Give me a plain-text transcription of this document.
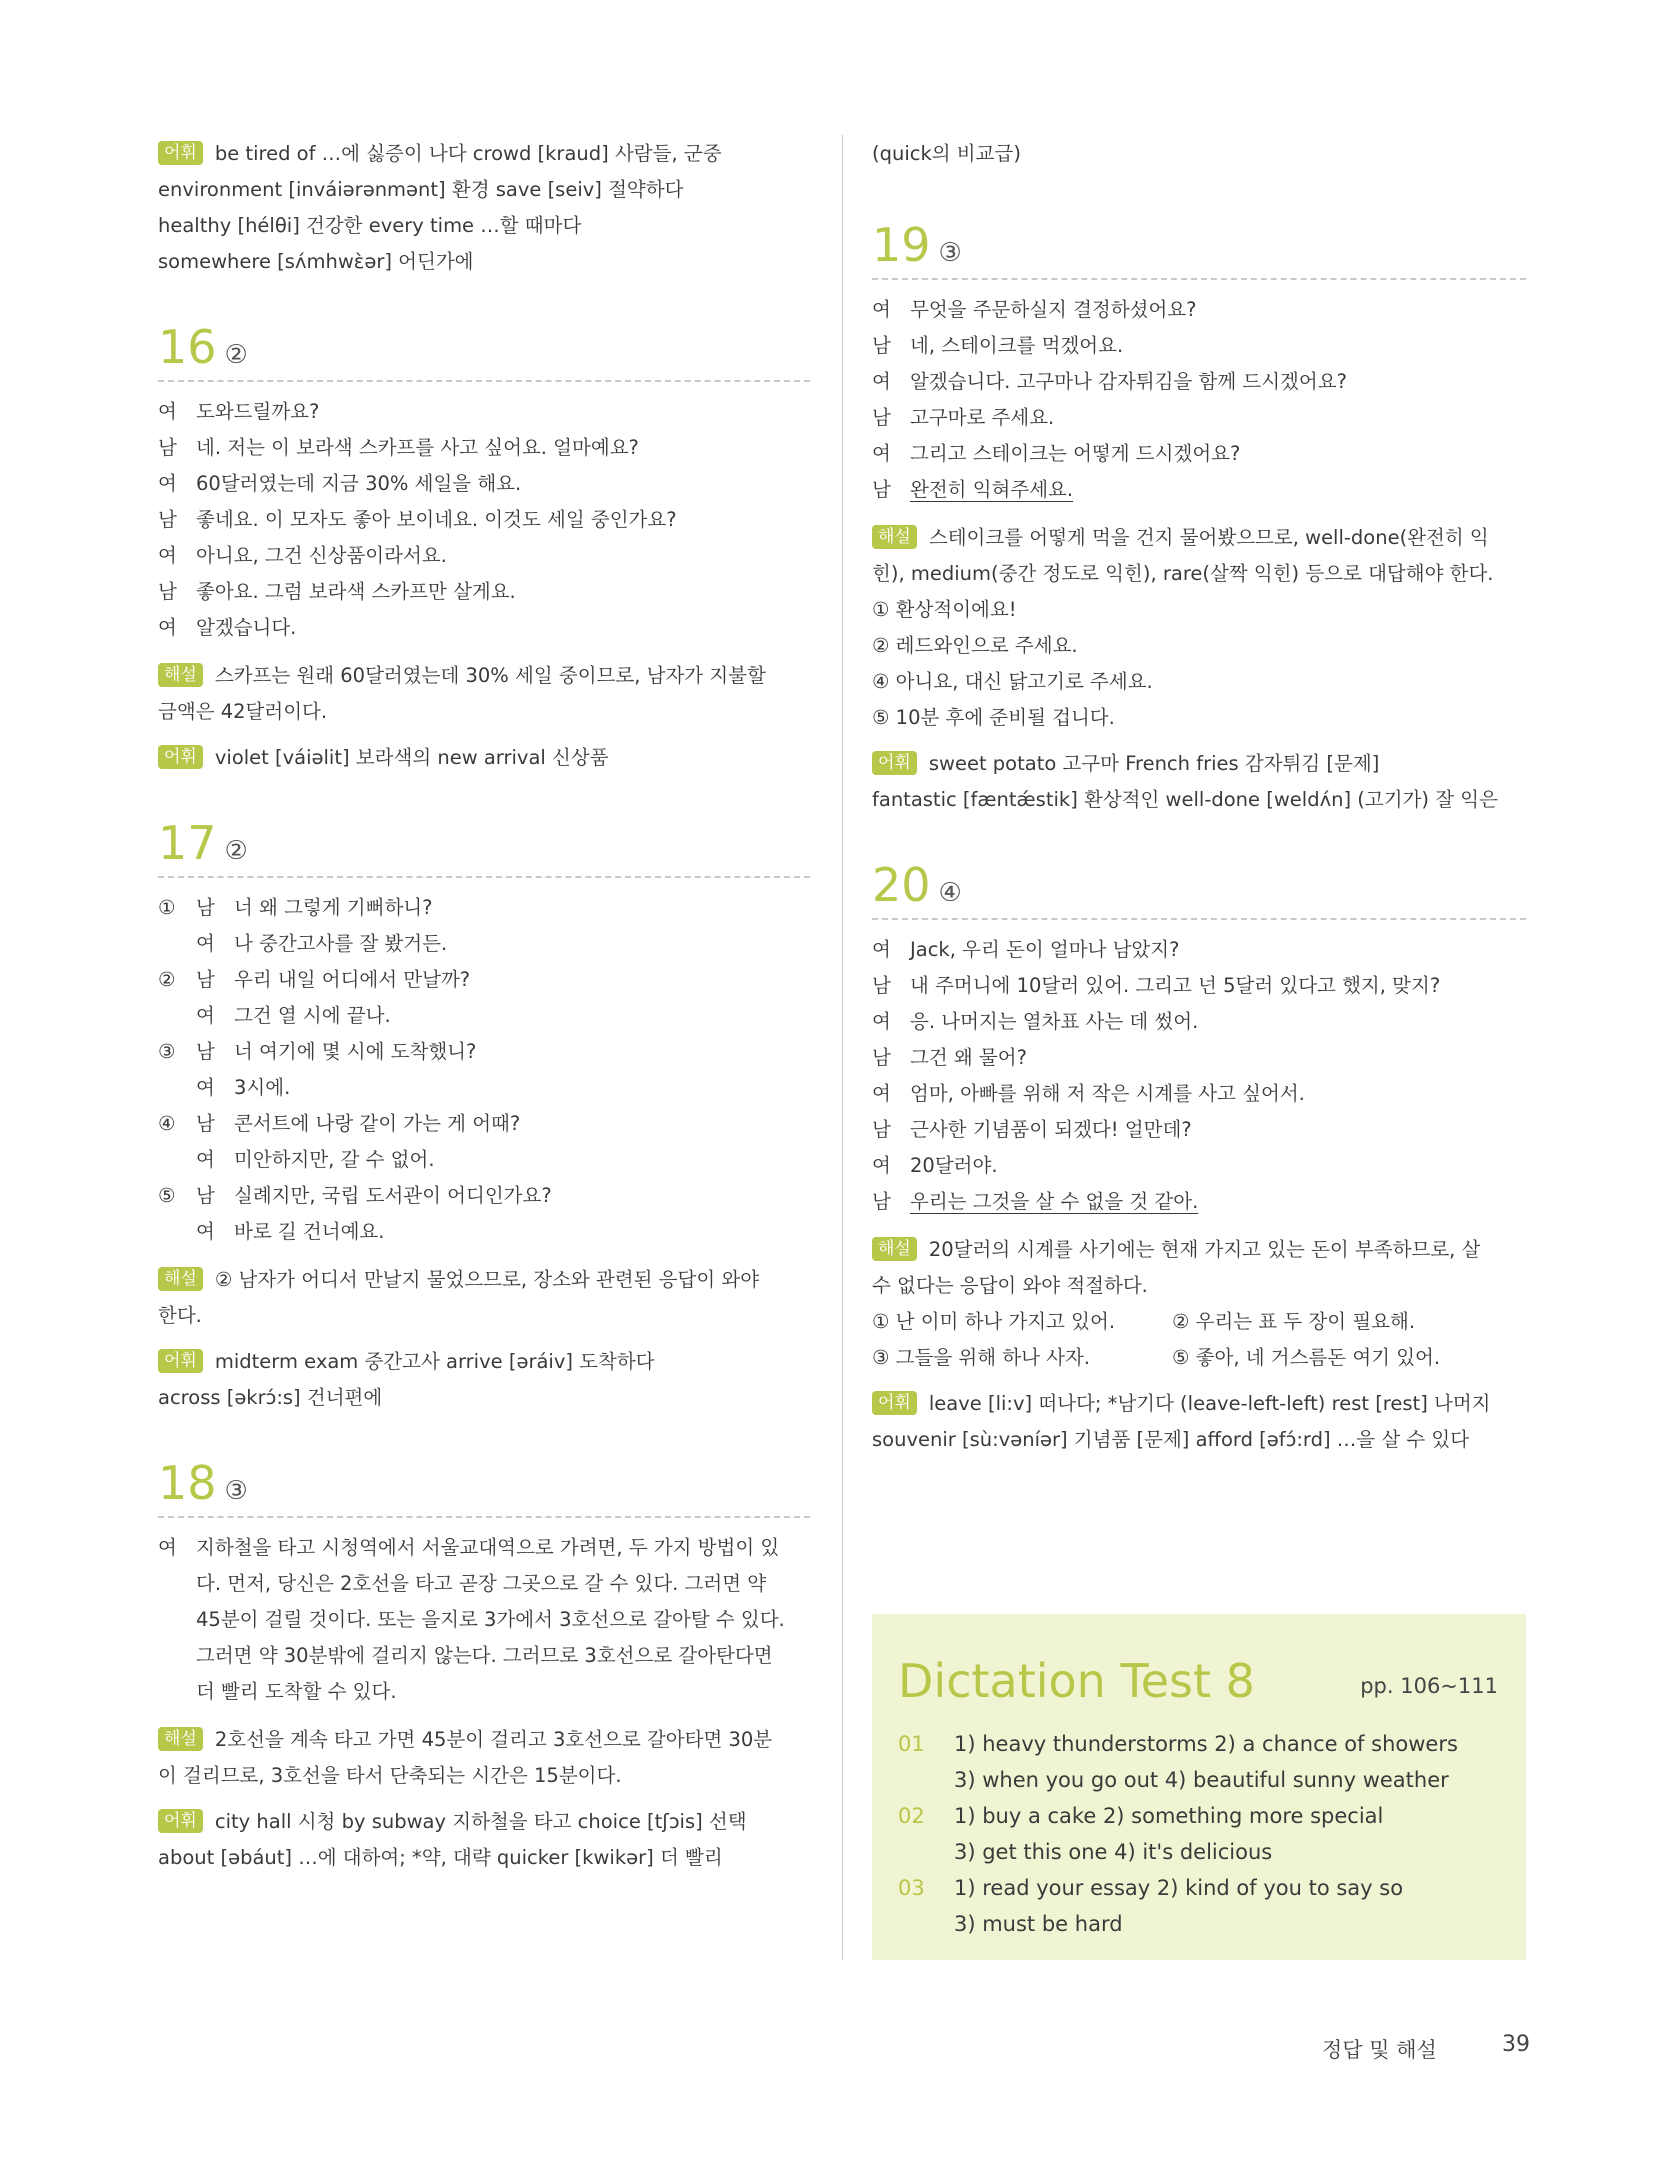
어휘 be tired of …에 싫증이 나다 crowd [kraud] 사람들, 군중
environment [inváiərənmənt] 환경 save [seiv] 절약하다
healthy [hélθi] 건강한 every time …할 때마다
somewhere [sʌ́mhwὲər] 어딘가에
16 ②
여 도와드릴까요?
남 네. 저는 이 보라색 스카프를 사고 싶어요. 얼마예요?
여 60달러였는데 지금 30% 세일을 해요.
남 좋네요. 이 모자도 좋아 보이네요. 이것도 세일 중인가요?
여 아니요, 그건 신상품이라서요.
남 좋아요. 그럼 보라색 스카프만 살게요.
여 알겠습니다.
해설 스카프는 원래 60달러였는데 30% 세일 중이므로, 남자가 지불할
금액은 42달러이다.
어휘 violet [váiəlit] 보라색의 new arrival 신상품
17 ②
①	남 너 왜 그렇게 기뻐하니?
여 나 중간고사를 잘 봤거든.
②	남 우리 내일 어디에서 만날까?
여 그건 열 시에 끝나.
③	남 너 여기에 몇 시에 도착했니?
여 3시에.
④	남 콘서트에 나랑 같이 가는 게 어때?
여 미안하지만, 갈 수 없어.
⑤	남 실례지만, 국립 도서관이 어디인가요?
여 바로 길 건너예요.
해설 ② 남자가 어디서 만날지 물었으므로, 장소와 관련된 응답이 와야
한다.
어휘 midterm exam 중간고사 arrive [əráiv] 도착하다
across [əkrɔ́:s] 건너편에
18 ③
여 지하철을 타고 시청역에서 서울교대역으로 가려면, 두 가지 방법이 있
다. 먼저, 당신은 2호선을 타고 곧장 그곳으로 갈 수 있다. 그러면 약
45분이 걸릴 것이다. 또는 을지로 3가에서 3호선으로 갈아탈 수 있다.
그러면 약 30분밖에 걸리지 않는다. 그러므로 3호선으로 갈아탄다면
더 빨리 도착할 수 있다.
해설 2호선을 계속 타고 가면 45분이 걸리고 3호선으로 갈아타면 30분
이 걸리므로, 3호선을 타서 단축되는 시간은 15분이다.
어휘 city hall 시청 by subway 지하철을 타고 choice [tʃɔis] 선택
about [əbáut] …에 대하여; *약, 대략 quicker [kwikər] 더 빨리
(quick의 비교급)
19 ③
여 무엇을 주문하실지 결정하셨어요?
남 네, 스테이크를 먹겠어요.
여 알겠습니다. 고구마나 감자튀김을 함께 드시겠어요?
남 고구마로 주세요.
여 그리고 스테이크는 어떻게 드시겠어요?
남 완전히 익혀주세요.
해설 스테이크를 어떻게 먹을 건지 물어봤으므로, well-done(완전히 익
힌), medium(중간 정도로 익힌), rare(살짝 익힌) 등으로 대답해야 한다.
① 환상적이에요!
② 레드와인으로 주세요.
④ 아니요, 대신 닭고기로 주세요.
⑤ 10분 후에 준비될 겁니다.
어휘 sweet potato 고구마 French fries 감자튀김 [문제]
fantastic [fæntǽstik] 환상적인 well-done [weldʌ́n] (고기가) 잘 익은
20 ④
여 Jack, 우리 돈이 얼마나 남았지?
남 내 주머니에 10달러 있어. 그리고 넌 5달러 있다고 했지, 맞지?
여 응. 나머지는 열차표 사는 데 썼어.
남 그건 왜 물어?
여 엄마, 아빠를 위해 저 작은 시계를 사고 싶어서.
남 근사한 기념품이 되겠다! 얼만데?
여 20달러야.
남 우리는 그것을 살 수 없을 것 같아.
해설 20달러의 시계를 사기에는 현재 가지고 있는 돈이 부족하므로, 살
수 없다는 응답이 와야 적절하다.
① 난 이미 하나 가지고 있어.	② 우리는 표 두 장이 필요해.
③ 그들을 위해 하나 사자.	⑤ 좋아, 네 거스름돈 여기 있어.
어휘 leave [li:v] 떠나다; *남기다 (leave-left-left) rest [rest] 나머지
souvenir [sù:vəníər] 기념품 [문제] afford [əfɔ́:rd] …을 살 수 있다
Dictation Test 8	pp. 106~111
01	1) heavy thunderstorms 2) a chance of showers
3) when you go out 4) beautiful sunny weather
02	1) buy a cake 2) something more special
3) get this one 4) it's delicious
03	1) read your essay 2) kind of you to say so
3) must be hard
정답 및 해설	39
